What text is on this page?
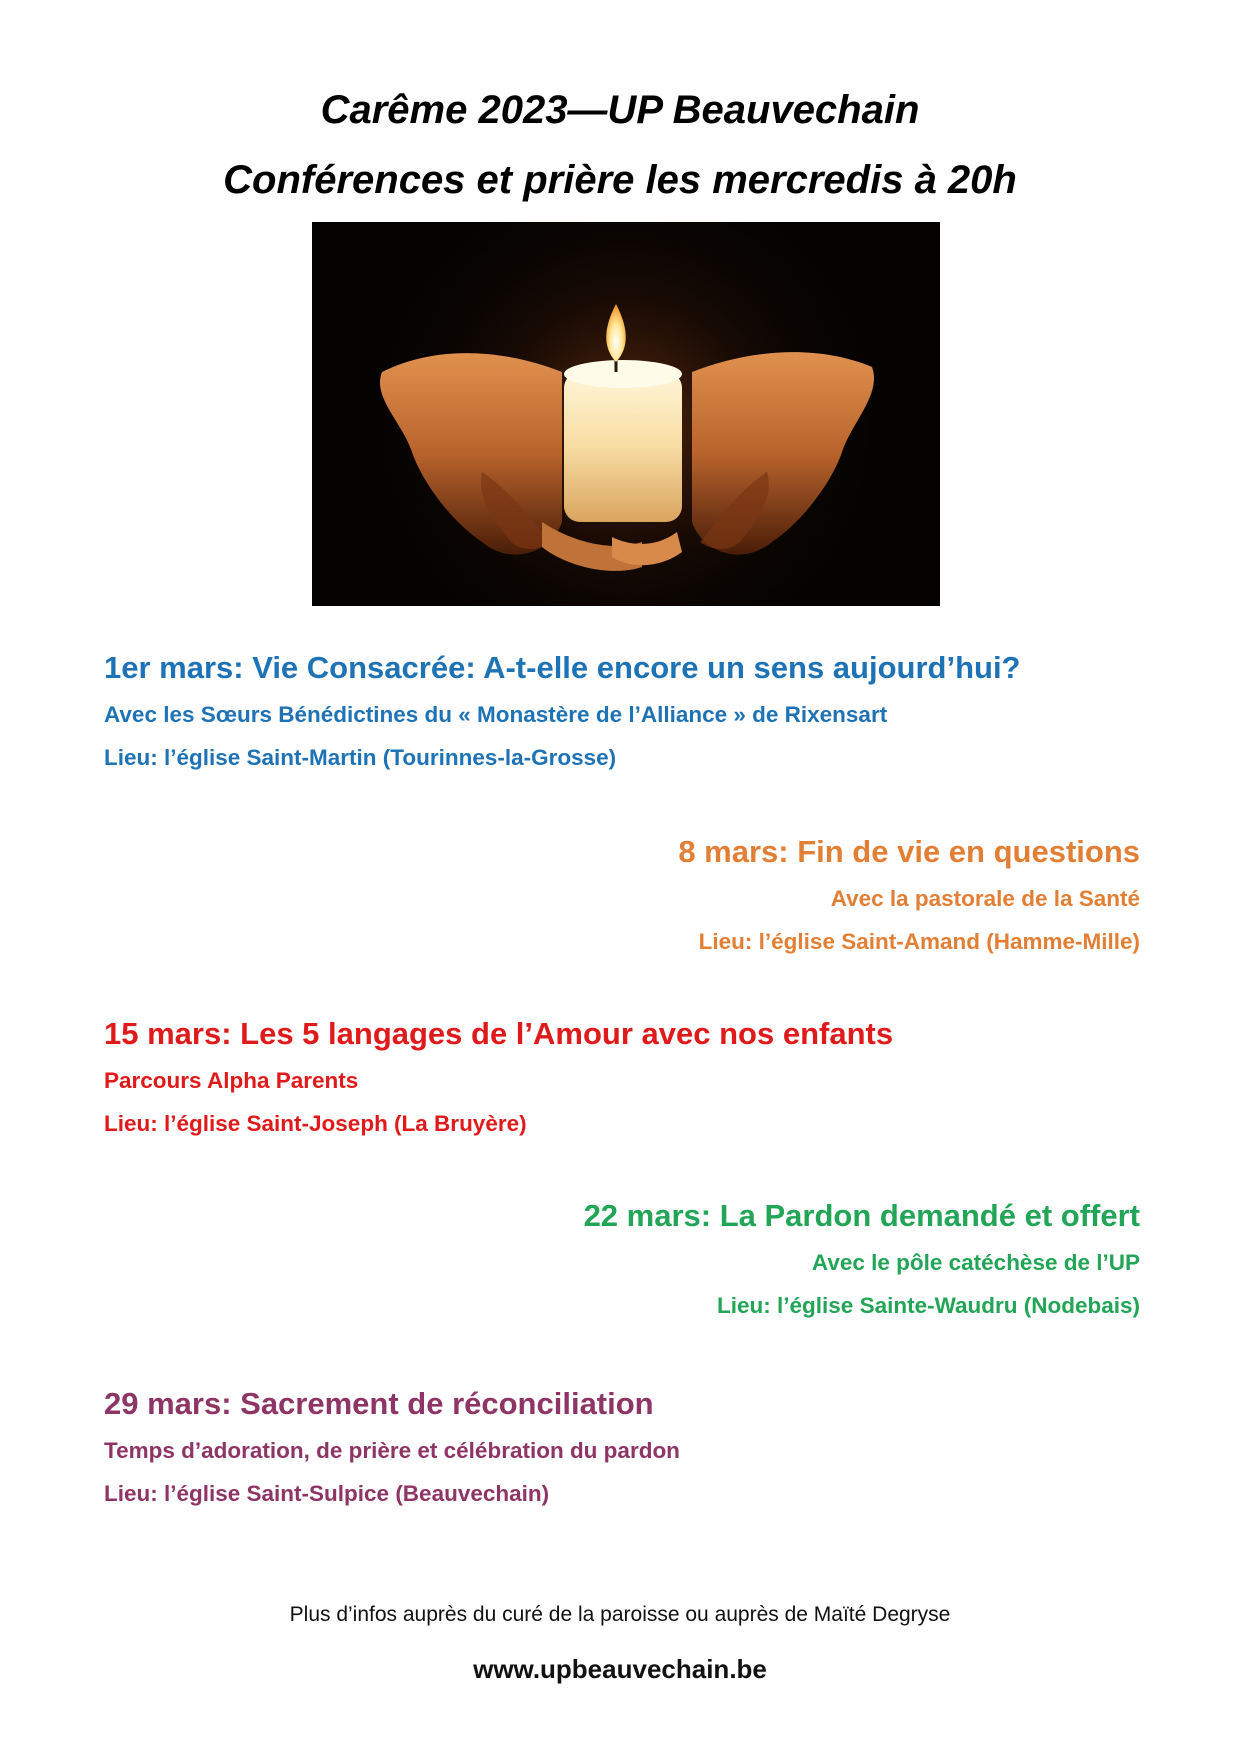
Carême 2023—UP Beauvechain
Conférences et prière les mercredis à 20h

1er mars: Vie Consacrée: A-t-elle encore un sens aujourd’hui?

Avec les Sœurs Bénédictines du « Monastère de l’Alliance » de Rixensart

Lieu: l’église Saint-Martin (Tourinnes-la-Grosse)

8 mars: Fin de vie en questions

Avec la pastorale de la Santé

Lieu: l’église Saint-Amand (Hamme-Mille)

15 mars: Les 5 langages de l’Amour avec nos enfants

Parcours Alpha Parents

Lieu: l’église Saint-Joseph (La Bruyère)

22 mars: La Pardon demandé et offert

Avec le pôle catéchèse de l’UP

Lieu: l’église Sainte-Waudru (Nodebais)

29 mars: Sacrement de réconciliation

Temps d’adoration, de prière et célébration du pardon

Lieu: l’église Saint-Sulpice (Beauvechain)

Plus d’infos auprès du curé de la paroisse ou auprès de Maïté Degryse

www.upbeauvechain.be
